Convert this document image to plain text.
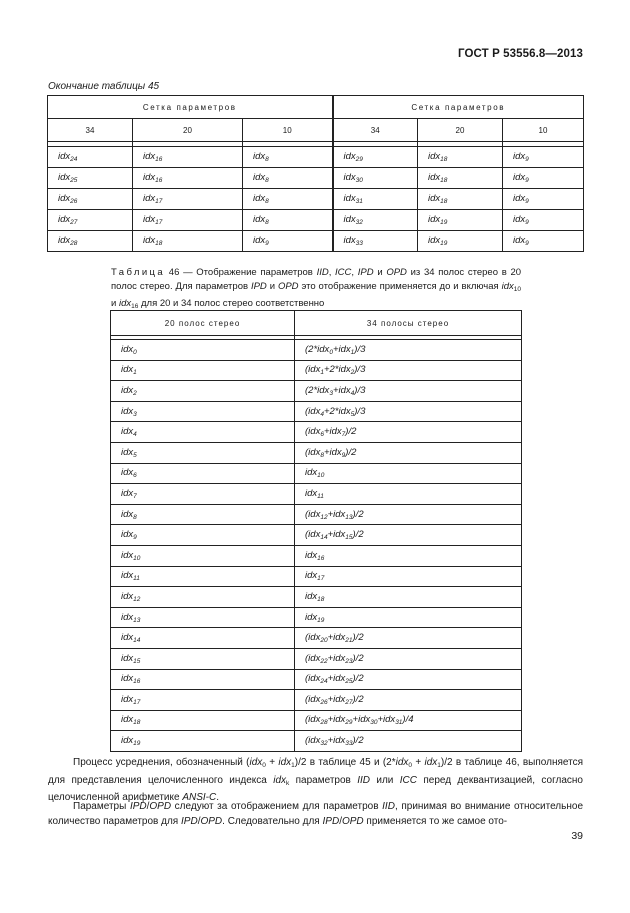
ГОСТ Р 53556.8—2013
Окончание таблицы 45
Сетка параметров			Сетка параметров		
34	20	10	34	20	10

idx$_{24}$	idx$_{16}$	idx$_8$	idx$_{29}$	idx$_{18}$	idx$_9$
idx$_{25}$	idx$_{16}$	idx$_8$	idx$_{30}$	idx$_{18}$	idx$_9$
idx$_{26}$	idx$_{17}$	idx$_8$	idx$_{31}$	idx$_{18}$	idx$_9$
idx$_{27}$	idx$_{17}$	idx$_8$	idx$_{32}$	idx$_{19}$	idx$_9$
idx$_{28}$	idx$_{18}$	idx$_9$	idx$_{33}$	idx$_{19}$	idx$_9$
Таблица 46 — Отображение параметров IID, ICC, IPD и OPD из 34 полос стерео в 20 полос стерео. Для параметров IPD и OPD это отображение применяется до и включая idx$_{10}$ и idx$_{16}$ для 20 и 34 полос стерео соответственно
20 полос стерео	34 полосы стерео

idx$_0$	(2*idx$_0$+idx$_1$)/3
idx$_1$	(idx$_1$+2*idx$_2$)/3
idx$_2$	(2*idx$_3$+idx$_4$)/3
idx$_3$	(idx$_4$+2*idx$_5$)/3
idx$_4$	(idx$_6$+idx$_7$)/2
idx$_5$	(idx$_8$+idx$_9$)/2
idx$_6$	idx$_{10}$
idx$_7$	idx$_{11}$
idx$_8$	(idx$_{12}$+idx$_{13}$)/2
idx$_9$	(idx$_{14}$+idx$_{15}$)/2
idx$_{10}$	idx$_{16}$
idx$_{11}$	idx$_{17}$
idx$_{12}$	idx$_{18}$
idx$_{13}$	idx$_{19}$
idx$_{14}$	(idx$_{20}$+idx$_{21}$)/2
idx$_{15}$	(idx$_{22}$+idx$_{23}$)/2
idx$_{16}$	(idx$_{24}$+idx$_{25}$)/2
idx$_{17}$	(idx$_{26}$+idx$_{27}$)/2
idx$_{18}$	(idx$_{28}$+idx$_{29}$+idx$_{30}$+idx$_{31}$)/4
idx$_{19}$	(idx$_{32}$+idx$_{33}$)/2
Процесс усреднения, обозначенный (idx$_0$ + idx$_1$)/2 в таблице 45 и (2*idx$_0$ + idx$_1$)/2 в таблице 46, выполняется для представления целочисленного индекса idx$_k$ параметров IID или ICC перед деквантизацией, согласно целочисленной арифметике ANSI-C.
Параметры IPD/OPD следуют за отображением для параметров IID, принимая во внимание относительное количество параметров для IPD/OPD. Следовательно для IPD/OPD применяется то же самое ото-
39
